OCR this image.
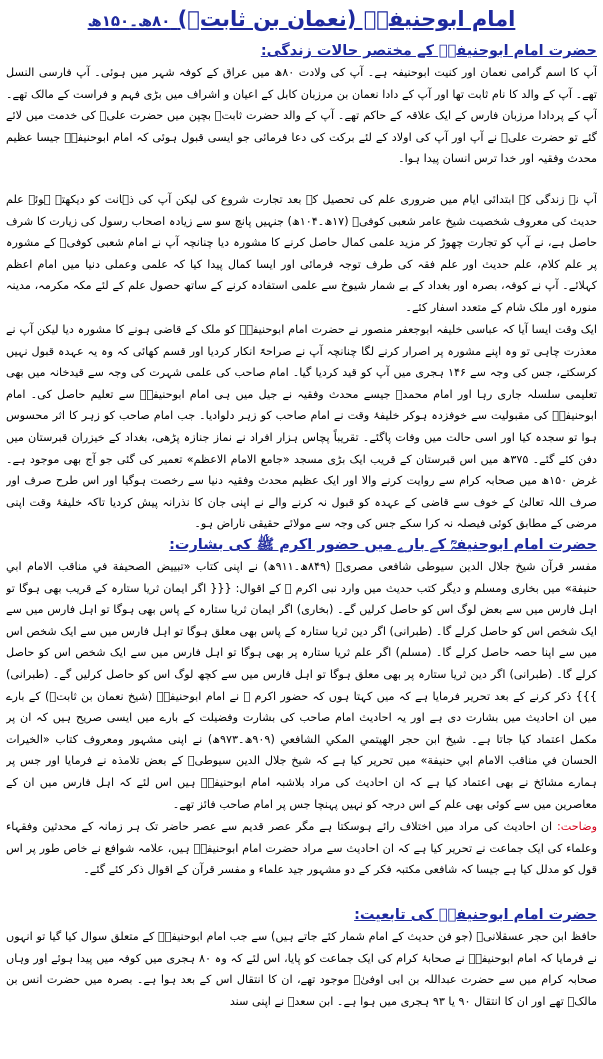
امام ابوحنیفہؒ (نعمان بن ثابتؒ) ۸۰ھ۔۱۵۰ھ
حضرت امام ابوحنیفہؒ کے مختصر حالات زندگی:

آپ کا اسم گرامی نعمان اور کنیت ابوحنیفہ ہے۔ آپ کی ولادت ۸۰ھ میں عراق کے کوفہ شہر میں ہوئی۔ آپ فارسی النسل تھے۔ آپ کے والد کا نام ثابت تھا اور آپ کے دادا نعمان بن مرزبان کابل کے اعیان و اشراف میں بڑی فہم و فراست کے مالک تھے۔ آپ کے پردادا مرزبان فارس کے ایک علاقہ کے حاکم تھے۔ آپ کے والد حضرت ثابتؒ بچپن میں حضرت علیؓ کی خدمت میں لائے گئے تو حضرت علیؓ نے آپ اور آپ کی اولاد کے لئے برکت کی دعا فرمائی جو ایسی قبول ہوئی کہ امام ابوحنیفہؒ جیسا عظیم محدث وفقیہ اور خدا ترس انسان پیدا ہوا۔

آپ نے زندگی کے ابتدائی ایام میں ضروری علم کی تحصیل کے بعد تجارت شروع کی لیکن آپ کی ذہانت کو دیکھتے ہوئے علم حدیث کی معروف شخصیت شیخ عامر شعبی کوفیؒ (۱۷ھ۔۱۰۴ھ) جنہیں پانچ سو سے زیادہ اصحاب رسول کی زیارت کا شرف حاصل ہے، نے آپ کو تجارت چھوڑ کر مزید علمی کمال حاصل کرنے کا مشورہ دیا چنانچہ آپ نے امام شعبی کوفیؒ کے مشورہ پر علم کلام، علم حدیث اور علم فقہ کی طرف توجہ فرمائی اور ایسا کمال پیدا کیا کہ علمی وعملی دنیا میں امام اعظم کہلائے۔ آپ نے کوفہ، بصرہ اور بغداد کے بے شمار شیوخ سے علمی استفادہ کرنے کے ساتھ حصول علم کے لئے مکہ مکرمہ، مدینہ منورہ اور ملک شام کے متعدد اسفار کئے۔

ایک وقت ایسا آیا کہ عباسی خلیفہ ابوجعفر منصور نے حضرت امام ابوحنیفہؒ کو ملک کے قاضی ہونے کا مشورہ دیا لیکن آپ نے معذرت چاہی تو وہ اپنے مشورہ پر اصرار کرنے لگا چنانچہ آپ نے صراحۃً انکار کردیا اور قسم کھائی کہ وہ یہ عہدہ قبول نہیں کرسکتے، جس کی وجہ سے ۱۴۶ ہجری میں آپ کو قید کردیا گیا۔ امام صاحب کی علمی شہرت کی وجہ سے قیدخانہ میں بھی تعلیمی سلسلہ جاری رہا اور امام محمدؒ جیسے محدث وفقیہ نے جیل میں ہی امام ابوحنیفہؒ سے تعلیم حاصل کی۔ امام ابوحنیفہؒ کی مقبولیت سے خوفزدہ ہوکر خلیفۂ وقت نے امام صاحب کو زہر دلوادیا۔ جب امام صاحب کو زہر کا اثر محسوس ہوا تو سجدہ کیا اور اسی حالت میں وفات پاگئے۔ تقریباً پچاس ہزار افراد نے نماز جنازہ پڑھی، بغداد کے خیزران قبرستان میں دفن کئے گئے۔ ۳۷۵ھ میں اس قبرستان کے قریب ایک بڑی مسجد «جامع الامام الاعظم» تعمیر کی گئی جو آج بھی موجود ہے۔ غرض ۱۵۰ھ میں صحابہ کرام سے روایت کرنے والا اور ایک عظیم محدث وفقیہ دنیا سے رخصت ہوگیا اور اس طرح صرف اور صرف اللہ تعالیٰ کے خوف سے قاضی کے عہدہ کو قبول نہ کرنے والے نے اپنی جان کا نذرانہ پیش کردیا تاکہ خلیفۂ وقت اپنی مرضی کے مطابق کوئی فیصلہ نہ کرا سکے جس کی وجہ سے مولائے حقیقی ناراض ہو۔

حضرت امام ابوحنیفہؒ کے بارے میں حضور اکرم ﷺ کی بشارت:

مفسر قرآن شیخ جلال الدین سیوطی شافعی مصریؒ (۸۴۹ھ۔۹۱۱ھ) نے اپنی کتاب «تبییض الصحیفة في مناقب الامام ابي حنيفة» میں بخاری ومسلم و دیگر کتب حدیث میں وارد نبی اکرم ﷺ کے اقوال: {{{ اگر ایمان ثریا ستارہ کے قریب بھی ہوگا تو اہل فارس میں سے بعض لوگ اس کو حاصل کرلیں گے۔ (بخاری) اگر ایمان ثریا ستارہ کے پاس بھی ہوگا تو اہل فارس میں سے ایک شخص اس کو حاصل کرلے گا۔ (طبرانی) اگر دین ثریا ستارہ کے پاس بھی معلق ہوگا تو اہل فارس میں سے ایک شخص اس میں سے اپنا حصہ حاصل کرلے گا۔ (مسلم) اگر علم ثریا ستارہ پر بھی ہوگا تو اہل فارس میں سے ایک شخص اس کو حاصل کرلے گا۔ (طبرانی) اگر دین ثریا ستارہ پر بھی معلق ہوگا تو اہل فارس میں سے کچھ لوگ اس کو حاصل کرلیں گے۔ (طبرانی) }}} ذکر کرنے کے بعد تحریر فرمایا ہے کہ میں کہتا ہوں کہ حضور اکرم ﷺ نے امام ابوحنیفہؒ (شیخ نعمان بن ثابتؒ) کے بارے میں ان احادیث میں بشارت دی ہے اور یہ احادیث امام صاحب کی بشارت وفضیلت کے بارے میں ایسی صریح ہیں کہ ان پر مکمل اعتماد کیا جاتا ہے۔ شیخ ابن حجر الهيتمي المكي الشافعي (۹۰۹ھ۔۹۷۳ھ) نے اپنی مشہور ومعروف کتاب «الخيرات الحسان في مناقب الامام ابي حنيفة» میں تحریر کیا ہے کہ شیخ جلال الدین سیوطیؒ کے بعض تلامذہ نے فرمایا اور جس پر ہمارے مشائخ نے بھی اعتماد کیا ہے کہ ان احادیث کی مراد بلاشبہ امام ابوحنیفہؒ ہیں اس لئے کہ اہل فارس میں ان کے معاصرین میں سے کوئی بھی علم کے اس درجہ کو نہیں پہنچا جس پر امام صاحب فائز تھے۔

وضاحت: ان احادیث کی مراد میں اختلاف رائے ہوسکتا ہے مگر عصر قدیم سے عصر حاضر تک ہر زمانہ کے محدثین وفقہاء وعلماء کی ایک جماعت نے تحریر کیا ہے کہ ان احادیث سے مراد حضرت امام ابوحنیفہؒ ہیں، علامہ شوافع نے خاص طور پر اس قول کو مدلل کیا ہے جیسا کہ شافعی مکتبہ فکر کے دو مشہور جید علماء و مفسر قرآن کے اقوال ذکر کئے گئے۔

حضرت امام ابوحنیفہؒ کی تابعیت:

حافظ ابن حجر عسقلانیؒ (جو فن حدیث کے امام شمار کئے جاتے ہیں) سے جب امام ابوحنیفہؒ کے متعلق سوال کیا گیا تو انہوں نے فرمایا کہ امام ابوحنیفہؒ نے صحابۂ کرام کی ایک جماعت کو پایا، اس لئے کہ وہ ۸۰ ہجری میں کوفہ میں پیدا ہوئے اور وہاں صحابہ کرام میں سے حضرت عبداللہ بن ابی اوفیٰؓ موجود تھے، ان کا انتقال اس کے بعد ہوا ہے۔ بصرہ میں حضرت انس بن مالکؓ تھے اور ان کا انتقال ۹۰ یا ۹۳ ہجری میں ہوا ہے۔ ابن سعدؒ نے اپنی سند
